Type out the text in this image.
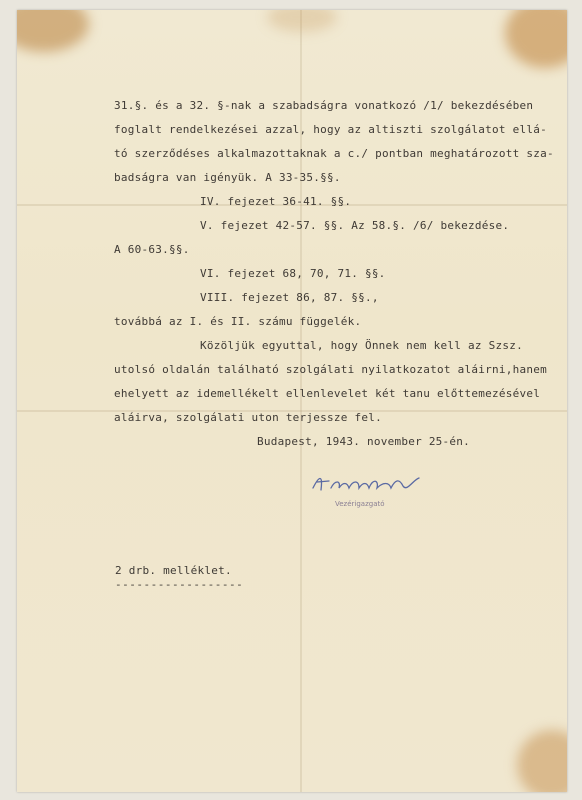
31.§. és a 32. §-nak a szabadságra vonatkozó /1/ bekezdésében
foglalt rendelkezései azzal, hogy az altiszti szolgálatot ellá-
tó szerződéses alkalmazottaknak a c./ pontban meghatározott sza-
badságra van igényük. A 33-35.§§.
IV. fejezet 36-41. §§.
V. fejezet 42-57. §§. Az 58.§. /6/ bekezdése.
A 60-63.§§.
VI. fejezet 68, 70, 71. §§.
VIII. fejezet 86, 87. §§.,
továbbá az I. és II. számu függelék.
Közöljük egyuttal, hogy Önnek nem kell az Szsz.
utolsó oldalán található szolgálati nyilatkozatot aláirni,hanem
ehelyett az idemellékelt ellenlevelet két tanu előttemezésével
aláirva, szolgálati uton terjessze fel.
Budapest, 1943. november 25-én.
Vezérigazgató
2 drb. melléklet.
------------------
